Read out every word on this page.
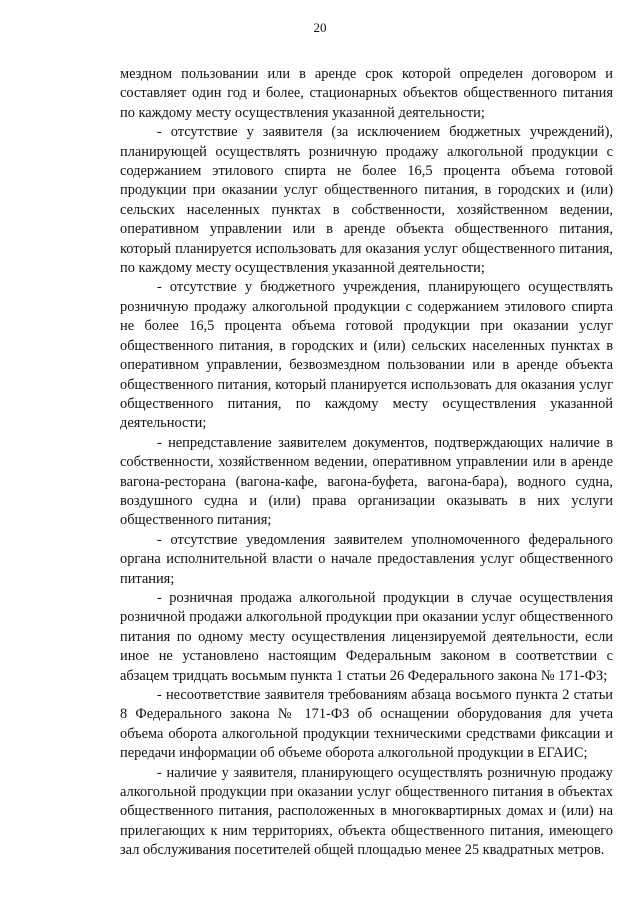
20

мездном пользовании или в аренде срок которой определен договором и составляет один год и более, стационарных объектов общественного питания по каждому месту осуществления указанной деятельности;

- отсутствие у заявителя (за исключением бюджетных учреждений), планирующей осуществлять розничную продажу алкогольной продукции с содержанием этилового спирта не более 16,5 процента объема готовой продукции при оказании услуг общественного питания, в городских и (или) сельских населенных пунктах в собственности, хозяйственном ведении, оперативном управлении или в аренде объекта общественного питания, который планируется использовать для оказания услуг общественного питания, по каждому месту осуществления указанной деятельности;

- отсутствие у бюджетного учреждения, планирующего осуществлять розничную продажу алкогольной продукции с содержанием этилового спирта не более 16,5 процента объема готовой продукции при оказании услуг общественного питания, в городских и (или) сельских населенных пунктах в оперативном управлении, безвозмездном пользовании или в аренде объекта общественного питания, который планируется использовать для оказания услуг общественного питания, по каждому месту осуществления указанной деятельности;

- непредставление заявителем документов, подтверждающих наличие в собственности, хозяйственном ведении, оперативном управлении или в аренде вагона-ресторана (вагона-кафе, вагона-буфета, вагона-бара), водного судна, воздушного судна и (или) права организации оказывать в них услуги общественного питания;

- отсутствие уведомления заявителем уполномоченного федерального органа исполнительной власти о начале предоставления услуг общественного питания;

- розничная продажа алкогольной продукции в случае осуществления розничной продажи алкогольной продукции при оказании услуг общественного питания по одному месту осуществления лицензируемой деятельности, если иное не установлено настоящим Федеральным законом в соответствии с абзацем тридцать восьмым пункта 1 статьи 26 Федерального закона № 171-ФЗ;

- несоответствие заявителя требованиям абзаца восьмого пункта 2 статьи 8 Федерального закона № 171-ФЗ об оснащении оборудования для учета объема оборота алкогольной продукции техническими средствами фиксации и передачи информации об объеме оборота алкогольной продукции в ЕГАИС;

- наличие у заявителя, планирующего осуществлять розничную продажу алкогольной продукции при оказании услуг общественного питания в объектах общественного питания, расположенных в многоквартирных домах и (или) на прилегающих к ним территориях, объекта общественного питания, имеющего зал обслуживания посетителей общей площадью менее 25 квадратных метров.
